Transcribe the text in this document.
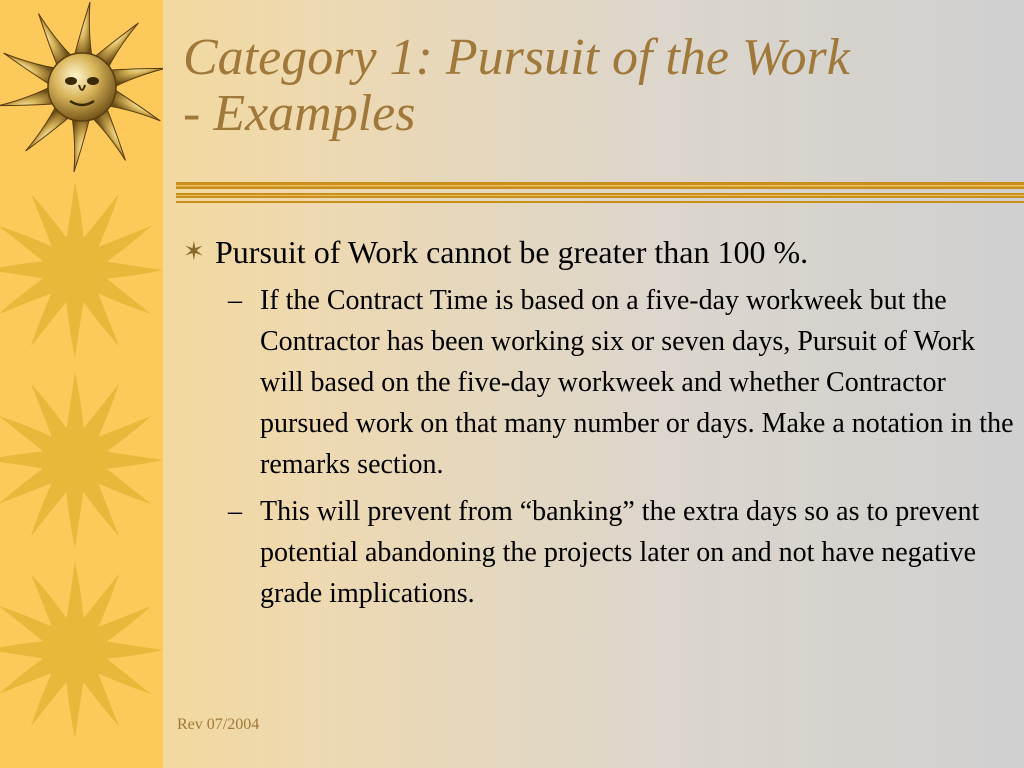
Category 1: Pursuit of the Work
- Examples
✶ Pursuit of Work cannot be greater than 100 %.
– If the Contract Time is based on a five-day workweek but the Contractor has been working six or seven days, Pursuit of Work will based on the five-day workweek and whether Contractor pursued work on that many number or days. Make a notation in the remarks section.
– This will prevent from “banking” the extra days so as to prevent potential abandoning the projects later on and not have negative grade implications.
Rev 07/2004
